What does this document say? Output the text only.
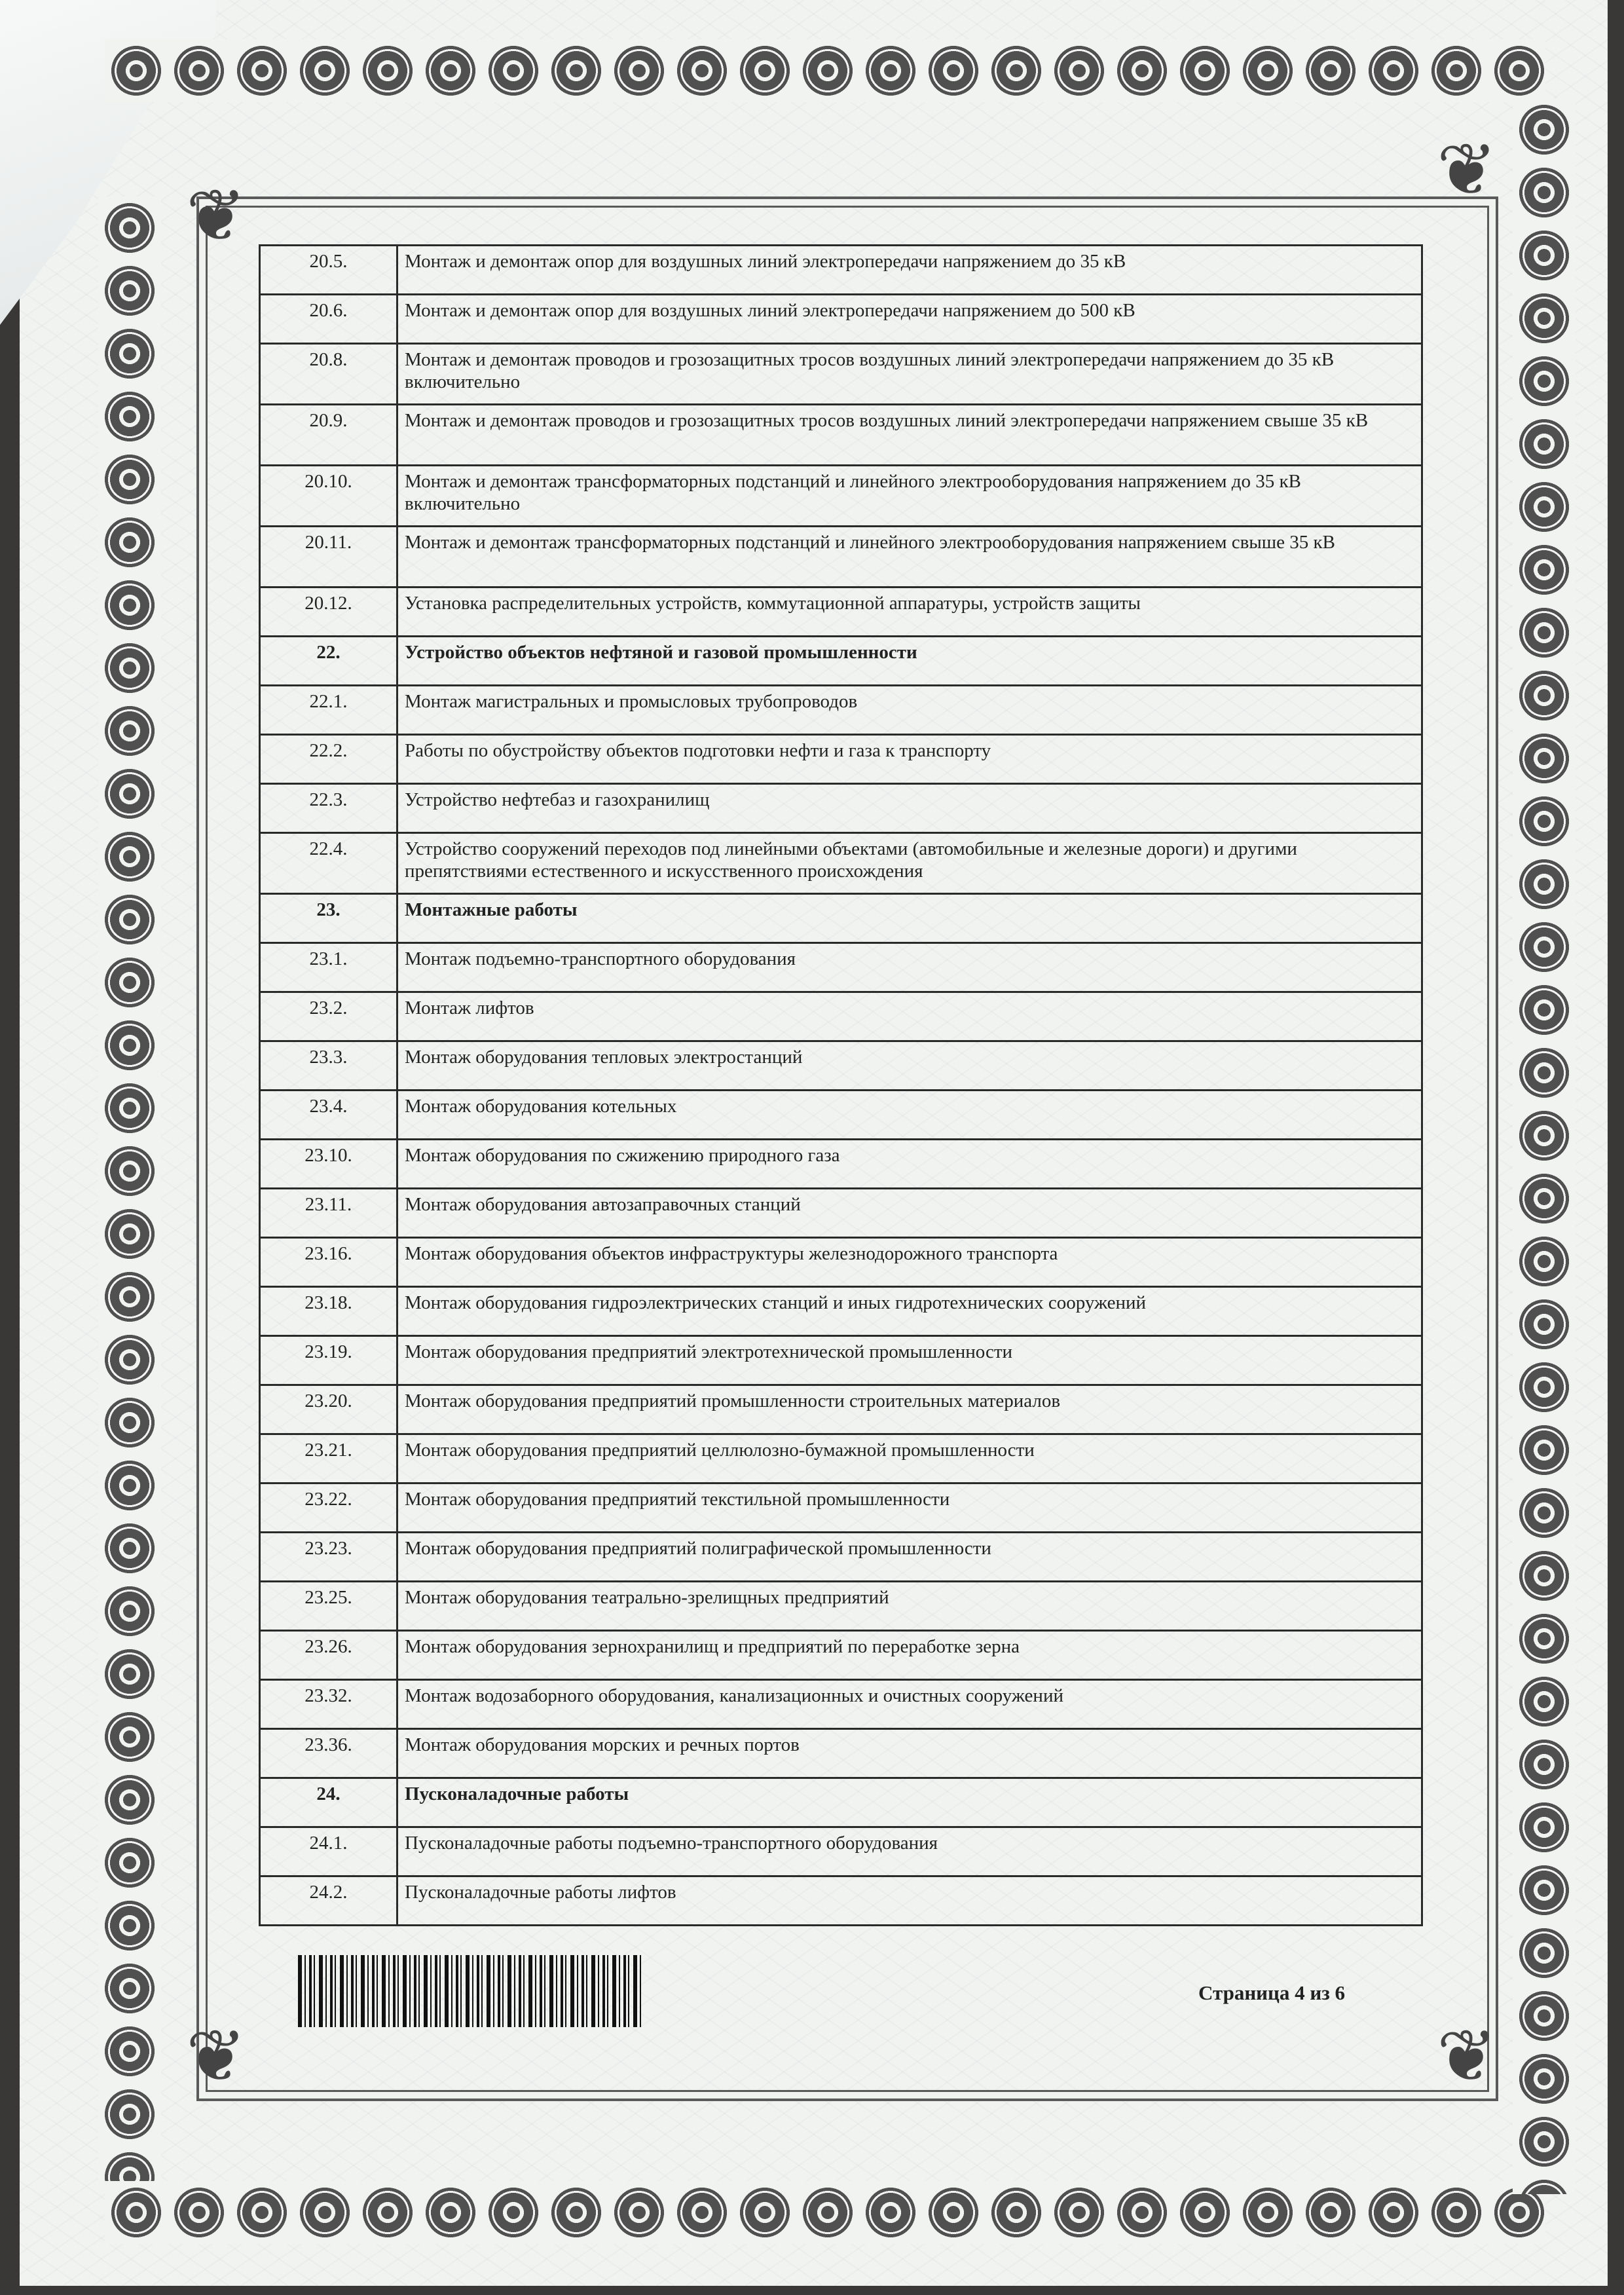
❦
❦
❦	❦
20.5.	Монтаж и демонтаж опор для воздушных линий электропередачи напряжением до 35 кВ
20.6.	Монтаж и демонтаж опор для воздушных линий электропередачи напряжением до 500 кВ
20.8.	Монтаж и демонтаж проводов и грозозащитных тросов воздушных линий электропередачи напряжением до 35 кВ включительно
20.9.	Монтаж и демонтаж проводов и грозозащитных тросов воздушных линий электропередачи напряжением свыше 35 кВ
20.10.	Монтаж и демонтаж трансформаторных подстанций и линейного электрооборудования напряжением до 35 кВ включительно
20.11.	Монтаж и демонтаж трансформаторных подстанций и линейного электрооборудования напряжением свыше 35 кВ
20.12.	Установка распределительных устройств, коммутационной аппаратуры, устройств защиты
22.	Устройство объектов нефтяной и газовой промышленности
22.1.	Монтаж магистральных и промысловых трубопроводов
22.2.	Работы по обустройству объектов подготовки нефти и газа к транспорту
22.3.	Устройство нефтебаз и газохранилищ
22.4.	Устройство сооружений переходов под линейными объектами (автомобильные и железные дороги) и другими препятствиями естественного и искусственного происхождения
23.	Монтажные работы
23.1.	Монтаж подъемно-транспортного оборудования
23.2.	Монтаж лифтов
23.3.	Монтаж оборудования тепловых электростанций
23.4.	Монтаж оборудования котельных
23.10.	Монтаж оборудования по сжижению природного газа
23.11.	Монтаж оборудования автозаправочных станций
23.16.	Монтаж оборудования объектов инфраструктуры железнодорожного транспорта
23.18.	Монтаж оборудования гидроэлектрических станций и иных гидротехнических сооружений
23.19.	Монтаж оборудования предприятий электротехнической промышленности
23.20.	Монтаж оборудования предприятий промышленности строительных материалов
23.21.	Монтаж оборудования предприятий целлюлозно-бумажной промышленности
23.22.	Монтаж оборудования предприятий текстильной промышленности
23.23.	Монтаж оборудования предприятий полиграфической промышленности
23.25.	Монтаж оборудования театрально-зрелищных предприятий
23.26.	Монтаж оборудования зернохранилищ и предприятий по переработке зерна
23.32.	Монтаж водозаборного оборудования, канализационных и очистных сооружений
23.36.	Монтаж оборудования морских и речных портов
24.	Пусконаладочные работы
24.1.	Пусконаладочные работы подъемно-транспортного оборудования
24.2.	Пусконаладочные работы лифтов
Страница 4 из 6
